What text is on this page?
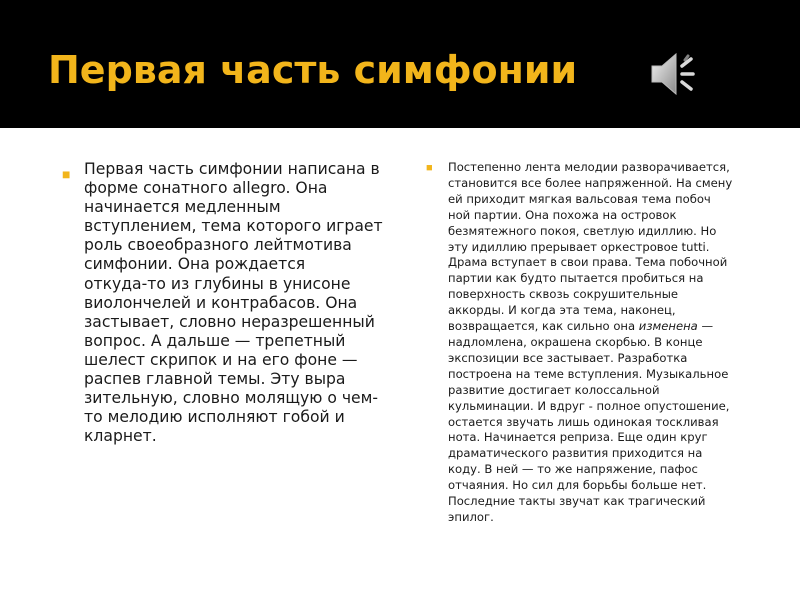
Первая часть симфонии
■ Первая часть симфонии написана в
форме сонатного allegro. Она
начинается медленным
вступлением, тема которого играет
роль своеобразного лейтмотива
симфонии. Она рождается
откуда-то из глубины в унисоне
виолончелей и контрабасов. Она
застывает, словно неразрешенный
вопрос. А дальше — трепетный
шелест скрипок и на его фоне —
распев главной темы. Эту выра
зительную, словно молящую о чем-
то мелодию исполняют гобой и
кларнет.
■ Постепенно лента мелодии разворачивается,
становится все более напряженной. На смену
ей приходит мягкая вальсовая тема побоч
ной партии. Она похожа на островок
безмятежного покоя, светлую идиллию. Но
эту идиллию прерывает оркестровое tutti.
Драма вступает в свои права. Тема побочной
партии как будто пытается пробиться на
поверхность сквозь сокрушительные
аккорды. И когда эта тема, наконец,
возвращается, как сильно она изменена —
надломлена, окрашена скорбью. В конце
экспозиции все застывает. Разработка
построена на теме вступления. Музыкальное
развитие достигает колоссальной
кульминации. И вдруг - полное опустошение,
остается звучать лишь одинокая тоскливая
нота. Начинается реприза. Еще один круг
драматического развития приходится на
коду. В ней — то же напряжение, пафос
отчаяния. Но сил для борьбы больше нет.
Последние такты звучат как трагический
эпилог.
